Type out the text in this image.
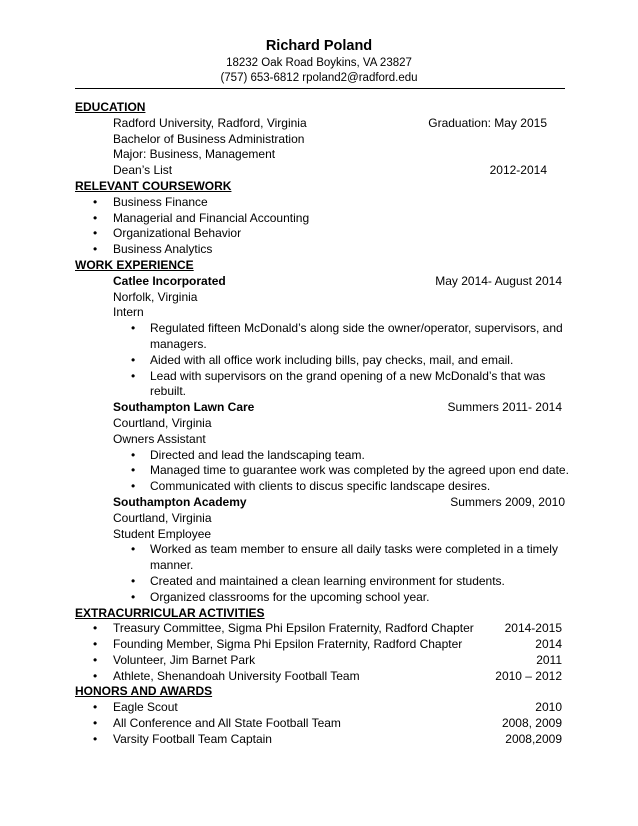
Richard Poland
18232 Oak Road Boykins, VA 23827
(757) 653-6812 rpoland2@radford.edu
EDUCATION
Radford University, Radford, Virginia	Graduation: May 2015
Bachelor of Business Administration
Major: Business, Management
Dean’s List	2012-2014
RELEVANT COURSEWORK
• Business Finance
• Managerial and Financial Accounting
• Organizational Behavior
• Business Analytics
WORK EXPERIENCE
Catlee Incorporated	May 2014- August 2014
Norfolk, Virginia
Intern
• Regulated fifteen McDonald’s along side the owner/operator, supervisors, and
managers.
• Aided with all office work including bills, pay checks, mail, and email.
• Lead with supervisors on the grand opening of a new McDonald’s that was
rebuilt.
Southampton Lawn Care	Summers 2011- 2014
Courtland, Virginia
Owners Assistant
• Directed and lead the landscaping team.
• Managed time to guarantee work was completed by the agreed upon end date.
• Communicated with clients to discus specific landscape desires.
Southampton Academy	Summers 2009, 2010
Courtland, Virginia
Student Employee
• Worked as team member to ensure all daily tasks were completed in a timely
manner.
• Created and maintained a clean learning environment for students.
• Organized classrooms for the upcoming school year.
EXTRACURRICULAR ACTIVITIES
• Treasury Committee, Sigma Phi Epsilon Fraternity, Radford Chapter	2014-2015
• Founding Member, Sigma Phi Epsilon Fraternity, Radford Chapter	2014
• Volunteer, Jim Barnet Park	2011
• Athlete, Shenandoah University Football Team	2010 – 2012
HONORS AND AWARDS
• Eagle Scout	2010
• All Conference and All State Football Team	2008, 2009
• Varsity Football Team Captain	2008,2009
